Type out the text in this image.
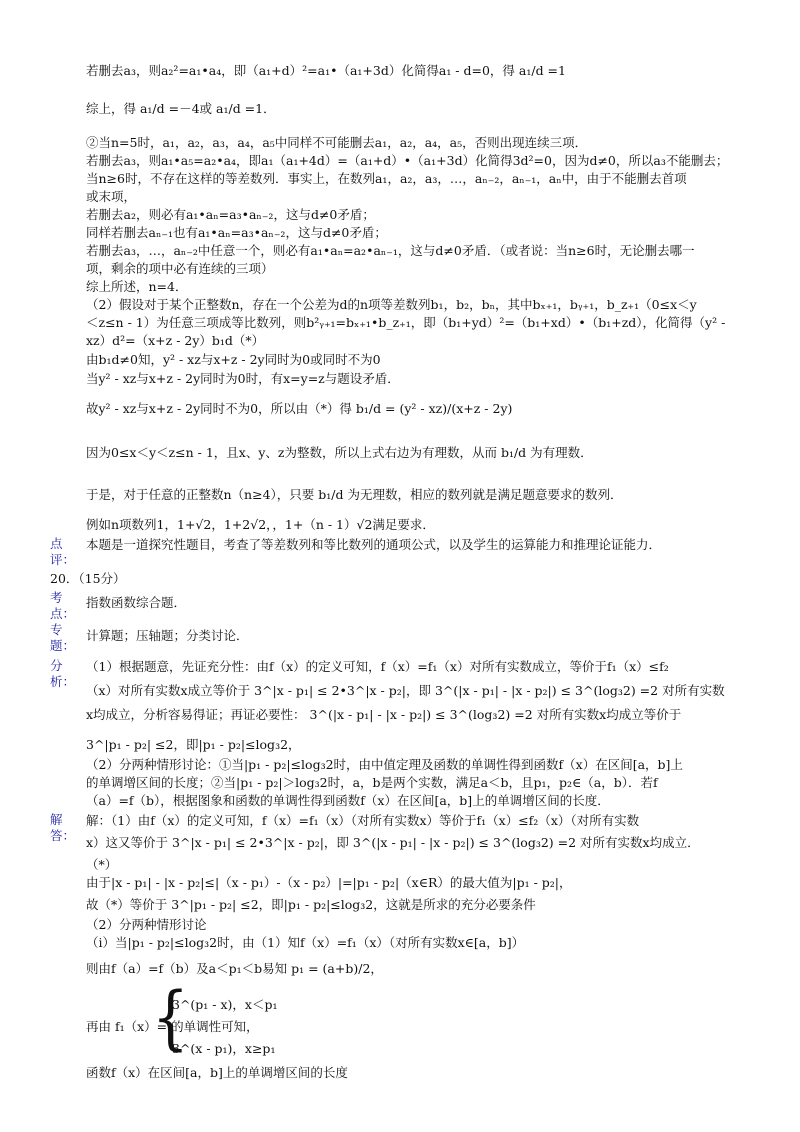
若删去a₃，则a₂²=a₁•a₄，即（a₁+d）²=a₁•（a₁+3d）化简得a₁ - d=0，得 a₁/d =1
综上，得 a₁/d =－4或 a₁/d =1．
②当n=5时，a₁，a₂，a₃，a₄，a₅中同样不可能删去a₁，a₂，a₄，a₅，否则出现连续三项．
若删去a₃，则a₁•a₅=a₂•a₄，即a₁（a₁+4d）=（a₁+d）•（a₁+3d）化简得3d²=0，因为d≠0，所以a₃不能删去；
当n≥6时，不存在这样的等差数列．事实上，在数列a₁，a₂，a₃，…，aₙ₋₂，aₙ₋₁，aₙ中，由于不能删去首项
或末项，
若删去a₂，则必有a₁•aₙ=a₃•aₙ₋₂，这与d≠0矛盾；
同样若删去aₙ₋₁也有a₁•aₙ=a₃•aₙ₋₂，这与d≠0矛盾；
若删去a₃，…，aₙ₋₂中任意一个，则必有a₁•aₙ=a₂•aₙ₋₁，这与d≠0矛盾．（或者说：当n≥6时，无论删去哪一
项，剩余的项中必有连续的三项）
综上所述，n=4．
（2）假设对于某个正整数n，存在一个公差为d的n项等差数列b₁，b₂，bₙ，其中bₓ₊₁，bᵧ₊₁，b_z₊₁（0≤x＜y
＜z≤n - 1）为任意三项成等比数列，则b²ᵧ₊₁=bₓ₊₁•b_z₊₁，即（b₁+yd）²=（b₁+xd）•（b₁+zd），化简得（y² -
xz）d²=（x+z - 2y）b₁d（*）
由b₁d≠0知，y² - xz与x+z - 2y同时为0或同时不为0
当y² - xz与x+z - 2y同时为0时，有x=y=z与题设矛盾．
故y² - xz与x+z - 2y同时不为0，所以由（*）得 b₁/d = (y² - xz)/(x+z - 2y)
因为0≤x＜y＜z≤n - 1，且x、y、z为整数，所以上式右边为有理数，从而 b₁/d 为有理数．
于是，对于任意的正整数n（n≥4），只要 b₁/d 为无理数，相应的数列就是满足题意要求的数列．
例如n项数列1，1+√2，1+2√2，，1+（n - 1）√2满足要求．
点评：
本题是一道探究性题目，考查了等差数列和等比数列的通项公式，以及学生的运算能力和推理论证能力．
20．（15分）
考点：
指数函数综合题．
专题：
计算题；压轴题；分类讨论．
分析：
（1）根据题意，先证充分性：由f（x）的定义可知，f（x）=f₁（x）对所有实数成立，等价于f₁（x）≤f₂
（x）对所有实数x成立等价于 3^|x - p₁| ≤ 2•3^|x - p₂|，即 3^(|x - p₁| - |x - p₂|) ≤ 3^(log₃2) =2 对所有实数
x均成立，分析容易得证；再证必要性： 3^(|x - p₁| - |x - p₂|) ≤ 3^(log₃2) =2 对所有实数x均成立等价于
3^|p₁ - p₂| ≤2，即|p₁ - p₂|≤log₃2，
（2）分两种情形讨论：①当|p₁ - p₂|≤log₃2时，由中值定理及函数的单调性得到函数f（x）在区间[a，b]上
的单调增区间的长度；②当|p₁ - p₂|＞log₃2时，a，b是两个实数，满足a＜b，且p₁，p₂∈（a，b）．若f
（a）=f（b），根据图象和函数的单调性得到函数f（x）在区间[a，b]上的单调增区间的长度．
解答：
解：（1）由f（x）的定义可知，f（x）=f₁（x）（对所有实数x）等价于f₁（x）≤f₂（x）（对所有实数
x）这又等价于 3^|x - p₁| ≤ 2•3^|x - p₂|，即 3^(|x - p₁| - |x - p₂|) ≤ 3^(log₃2) =2 对所有实数x均成立．
（*）
由于|x - p₁| - |x - p₂|≤|（x - p₁）-（x - p₂）|=|p₁ - p₂|（x∈R）的最大值为|p₁ - p₂|，
故（*）等价于 3^|p₁ - p₂| ≤2，即|p₁ - p₂|≤log₃2，这就是所求的充分必要条件
（2）分两种情形讨论
（i）当|p₁ - p₂|≤log₃2时，由（1）知f（x）=f₁（x）（对所有实数x∈[a，b]）
则由f（a）=f（b）及a＜p₁＜b易知 p₁ = (a+b)/2，
{
3^(p₁ - x)，x＜p₁
再由 f₁（x）= 的单调性可知，
3^(x - p₁)，x≥p₁
函数f（x）在区间[a，b]上的单调增区间的长度
